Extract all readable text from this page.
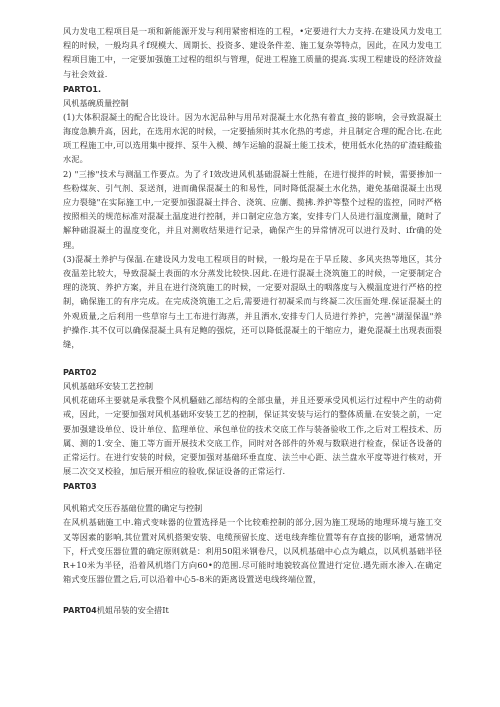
风力发电工程项目是一项和新能源开发与利用紧密相连的工程，•定要进行大力支持.在建设风力发电工程的时候，一般均具彳f现模大、周期长、投资多、建设条件差、施工复杂等特点，因此，在风力发电工程项目施工中，一定要加强施工过程的组织与管理，促进工程施工质量的提高.实现工程建设的经济效益与社会效益.

PARTO1.
风机基碗质量控制

(1)大体积混凝土的配合比设计。因为水泥品种与用吊对混凝土水化热有着直_接的影响，会寻致混凝土海度急腆升高，因此，在选用水泥的时候，一定要插须时其水化热的考虑，并且制定合理的配合比.在此项工程施工中,可以选用集中搅拌、泵牛入模、缚乍运输的混凝土能工技术，使用低水化热的矿渣硅酸盐水泥。

2) "三掺"技术与测温工作要点。为了彳I效改进风机基础混凝土性能，在进行搅拌的时候，需要掺加一些粉煤灰、引气剂、泵送剂，进而确保混凝土的和易性，同时降低混凝土水化热，避免基础混凝土出现应力裂缝"在实际施工中,一定要加强混凝土拌合、浇筑、应蒯、揽拂.养护等整个过程的监控，同时严格按照相关的规范标准对混凝土温度进行控制，并口制定应急方案，安排专门人员进行温度测量，随时了解种础混凝土的温度变化，并且对测收结果进行记录，确保产生的异常情况可以进行及时、ifr确的处理。

(3)混凝土养护与保温.在建设风力发电工程项目的时候，一般均是在于旱丘陵、多风夹热等地区，其分夜温差比较大，导致混凝土表面的水分蒸发比较快.因此.在进行混凝土浇筑施工的时候，一定要制定合理的浇筑、养护方案，并且在进行浇筑施工的时候，一定要对混臥土的咽落度与入模温度进行严格的控制，确保施工的有序完成。在完成浇筑施工之后,需要进行初凝采而与终凝二次压面处理.保证混凝土的外观质量,之后利用一些草帘与土工布进行海蒸，并且洒水,安排专门人员进行养护，完善"湖湿保温"养护操作.其不仅可以确保混凝土具有足鲍的强烷，还可以降低混凝土的干缩应力，避免混凝土出现表面裂缝，

PART02
风机基础环安装工艺控制

风机花础环主要就是承我整个风机騒础乙部结构的全部虫量，并且还要承受风机运行过程中产生的动荷戒，因此，一定要加强对风机基础环安装工艺的控制，保证其安装与运行的整体质量.在安装之前，一定要加强建设单位、设计单位、监理单位、承包单位的技术交底工作与装备验收工作,之后对工程技术、历属、测的1.安全、施工等方面开展技术交底工作，同时对各部件的外观与数联进行检查，保证各设备的正常运行。在进行安装的时候，定要加强对基础环垂直度、法兰中心距、法兰盘水平度等进行核对，开展二次交叉校验，加后展开相应的验收,保证设备的正常运行.

PART03
风机箱式交压吞基础位置的确定与控制

在风机基础施工中.箱式变味器的位置选择是一个比较难控制的部分,因为施工现场的地理环境与施工交叉等因素的影响,其位置对风机搭架安装、电缆预留长度、送电线奔维位置等有存直接的影响，通常情况下，杆式变压器位置的确定原则就是：利用50阻米钢卷尺，以风机基础中心点为峨点，以风机基础半径R+10米为半径，沿着风机塔门方向60•的范围.尽可能时地貌较高位置进行定位.遇先雨水渗入.在确定箱式变压器位置之后,可以沿着中心5-8米的距离设置送电线终端位置，

PART04机姐吊装的安全措It
